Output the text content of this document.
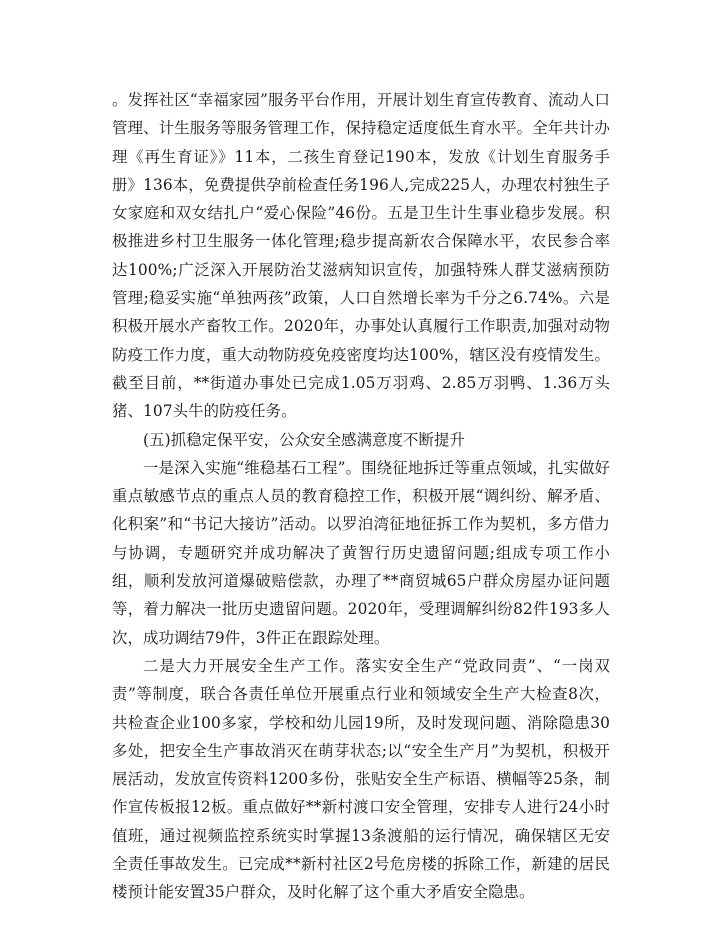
。发挥社区“幸福家园”服务平台作用，开展计划生育宣传教育、流动人口管理、计生服务等服务管理工作，保持稳定适度低生育水平。全年共计办理《再生育证》》11本，二孩生育登记190本，发放《计划生育服务手册》136本，免费提供孕前检查任务196人,完成225人，办理农村独生子女家庭和双女结扎户“爱心保险”46份。五是卫生计生事业稳步发展。积极推进乡村卫生服务一体化管理;稳步提高新农合保障水平，农民参合率达100%;广泛深入开展防治艾滋病知识宣传，加强特殊人群艾滋病预防管理;稳妥实施“单独两孩”政策，人口自然增长率为千分之6.74%。六是积极开展水产畜牧工作。2020年，办事处认真履行工作职责,加强对动物防疫工作力度，重大动物防疫免疫密度均达100%，辖区没有疫情发生。截至目前，**街道办事处已完成1.05万羽鸡、2.85万羽鸭、1.36万头猪、107头牛的防疫任务。

(五)抓稳定保平安，公众安全感满意度不断提升

一是深入实施“维稳基石工程”。围绕征地拆迁等重点领域，扎实做好重点敏感节点的重点人员的教育稳控工作，积极开展“调纠纷、解矛盾、化积案”和“书记大接访”活动。以罗泊湾征地征拆工作为契机，多方借力与协调，专题研究并成功解决了黄智行历史遗留问题;组成专项工作小组，顺利发放河道爆破赔偿款，办理了**商贸城65户群众房屋办证问题等，着力解决一批历史遗留问题。2020年，受理调解纠纷82件193多人次，成功调结79件，3件正在跟踪处理。

二是大力开展安全生产工作。落实安全生产“党政同责”、“一岗双责”等制度，联合各责任单位开展重点行业和领域安全生产大检查8次，共检查企业100多家，学校和幼儿园19所，及时发现问题、消除隐患30多处，把安全生产事故消灭在萌芽状态;以“安全生产月”为契机，积极开展活动，发放宣传资料1200多份，张贴安全生产标语、横幅等25条，制作宣传板报12板。重点做好**新村渡口安全管理，安排专人进行24小时值班，通过视频监控系统实时掌握13条渡船的运行情况，确保辖区无安全责任事故发生。已完成**新村社区2号危房楼的拆除工作，新建的居民楼预计能安置35户群众，及时化解了这个重大矛盾安全隐患。
